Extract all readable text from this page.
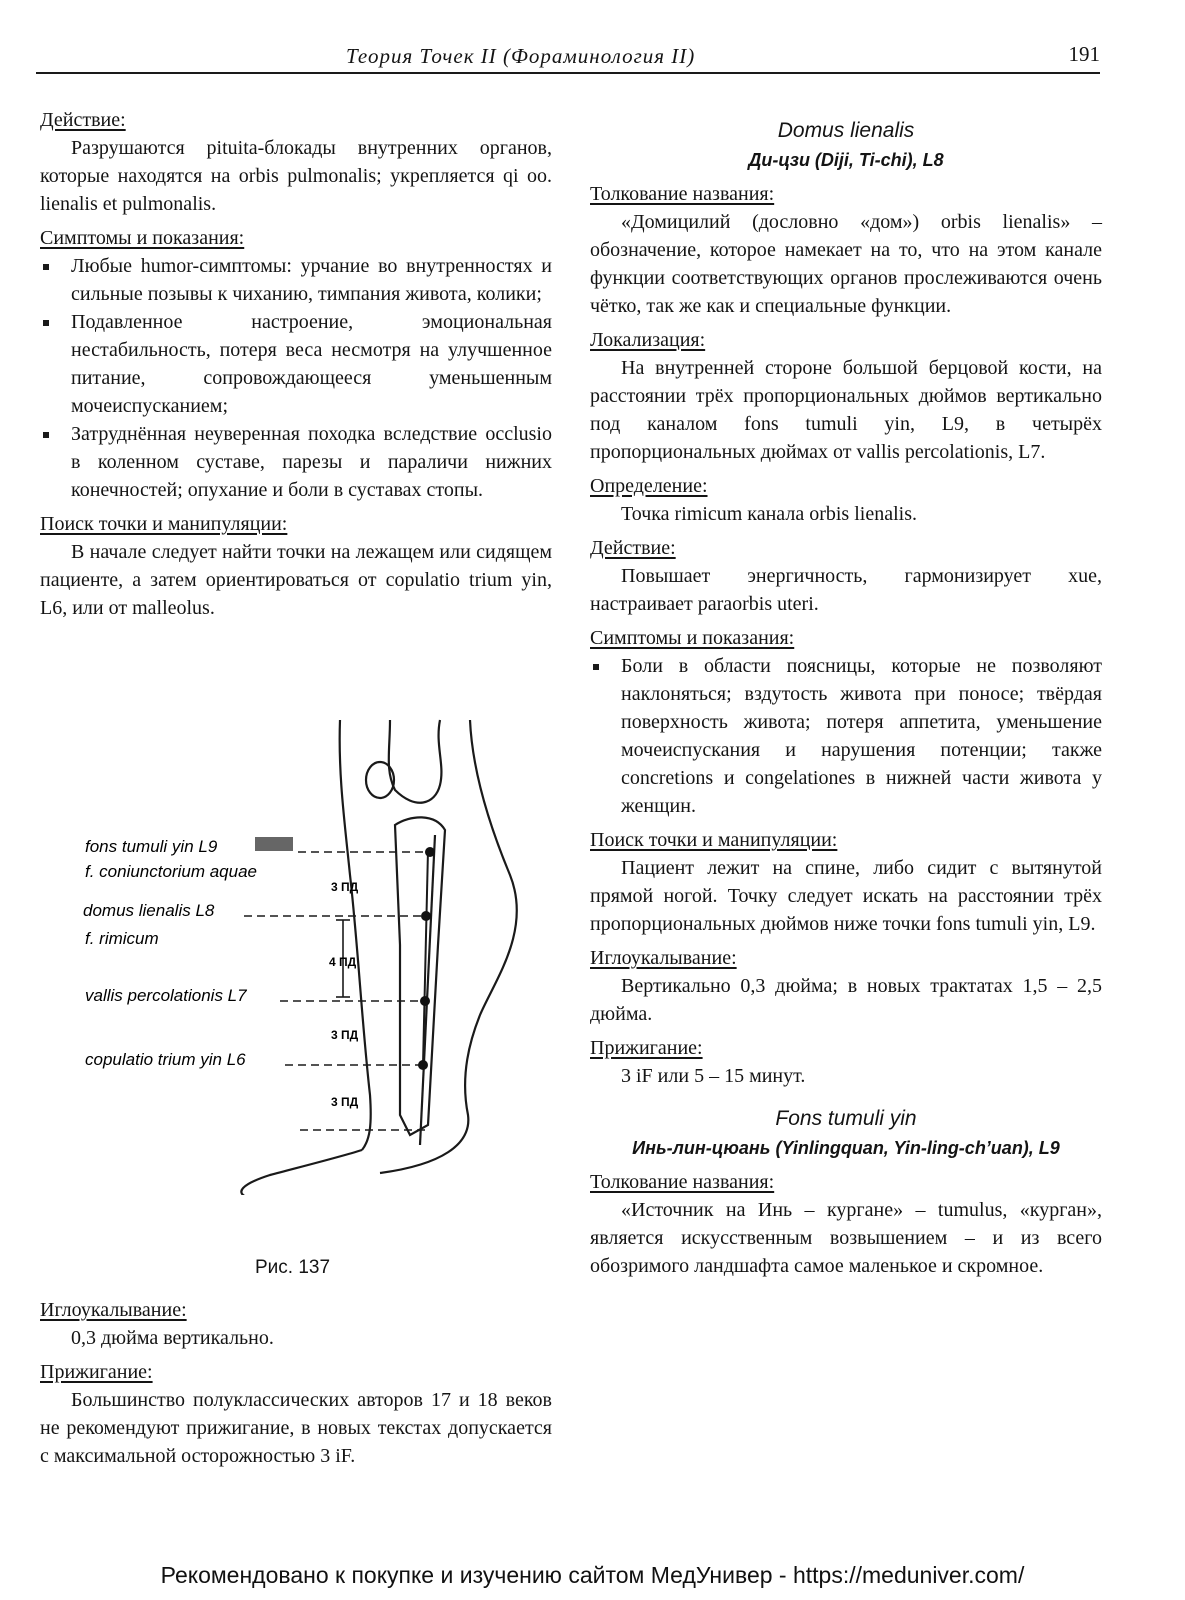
Теория Точек II (Фораминология II)	191
Действие:

Разрушаются pituita-блокады внутренних органов, которые находятся на orbis pulmonalis; укрепляется qi oo. lienalis et pulmonalis.

Симптомы и показания:
Любые humor-симптомы: урчание во внутренностях и сильные позывы к чиханию, тимпания живота, колики;
Подавленное настроение, эмоциональная нестабильность, потеря веса несмотря на улучшенное питание, сопровождающееся уменьшенным мочеиспусканием;
Затруднённая неуверенная походка вследствие occlusio в коленном суставе, парезы и параличи нижних конечностей; опухание и боли в суставах стопы.
Поиск точки и манипуляции:

В начале следует найти точки на лежащем или сидящем пациенте, а затем ориентироваться от copulatio trium yin, L6, или от malleolus.

fons tumuli yin L9
f. coniunctorium aquae
domus lienalis L8
f. rimicum
vallis percolationis L7
copulatio trium yin L6
3 ПД
4 ПД
3 ПД
3 ПД
Рис. 137
Иглоукалывание:

0,3 дюйма вертикально.

Прижигание:

Большинство полуклассических авторов 17 и 18 веков не рекомендуют прижигание, в новых текстах допускается с максимальной осторожностью 3 iF.

Domus lienalis
Ди-цзи (Diji, Ti-chi), L8
Толкование названия:

«Домицилий (дословно «дом») orbis lienalis» – обозначение, которое намекает на то, что на этом канале функции соответствующих органов прослеживаются очень чётко, так же как и специальные функции.

Локализация:

На внутренней стороне большой берцовой кости, на расстоянии трёх пропорциональных дюймов вертикально под каналом fons tumuli yin, L9, в четырёх пропорциональных дюймах от vallis percolationis, L7.

Определение:

Точка rimicum канала orbis lienalis.

Действие:

Повышает энергичность, гармонизирует xue, настраивает paraorbis uteri.

Симптомы и показания:
Боли в области поясницы, которые не позволяют наклоняться; вздутость живота при поносе; твёрдая поверхность живота; потеря аппетита, уменьшение мочеиспускания и нарушения потенции; также concretions и congelationes в нижней части живота у женщин.
Поиск точки и манипуляции:

Пациент лежит на спине, либо сидит с вытянутой прямой ногой. Точку следует искать на расстоянии трёх пропорциональных дюймов ниже точки fons tumuli yin, L9.

Иглоукалывание:

Вертикально 0,3 дюйма; в новых трактатах 1,5 – 2,5 дюйма.

Прижигание:

3 iF или 5 – 15 минут.

Fons tumuli yin
Инь-лин-цюань (Yinlingquan, Yin-ling-ch’uan), L9
Толкование названия:

«Источник на Инь – кургане» – tumulus, «курган», является искусственным возвышением – и из всего обозримого ландшафта самое маленькое и скромное.

Рекомендовано к покупке и изучению сайтом МедУнивер - https://meduniver.com/
